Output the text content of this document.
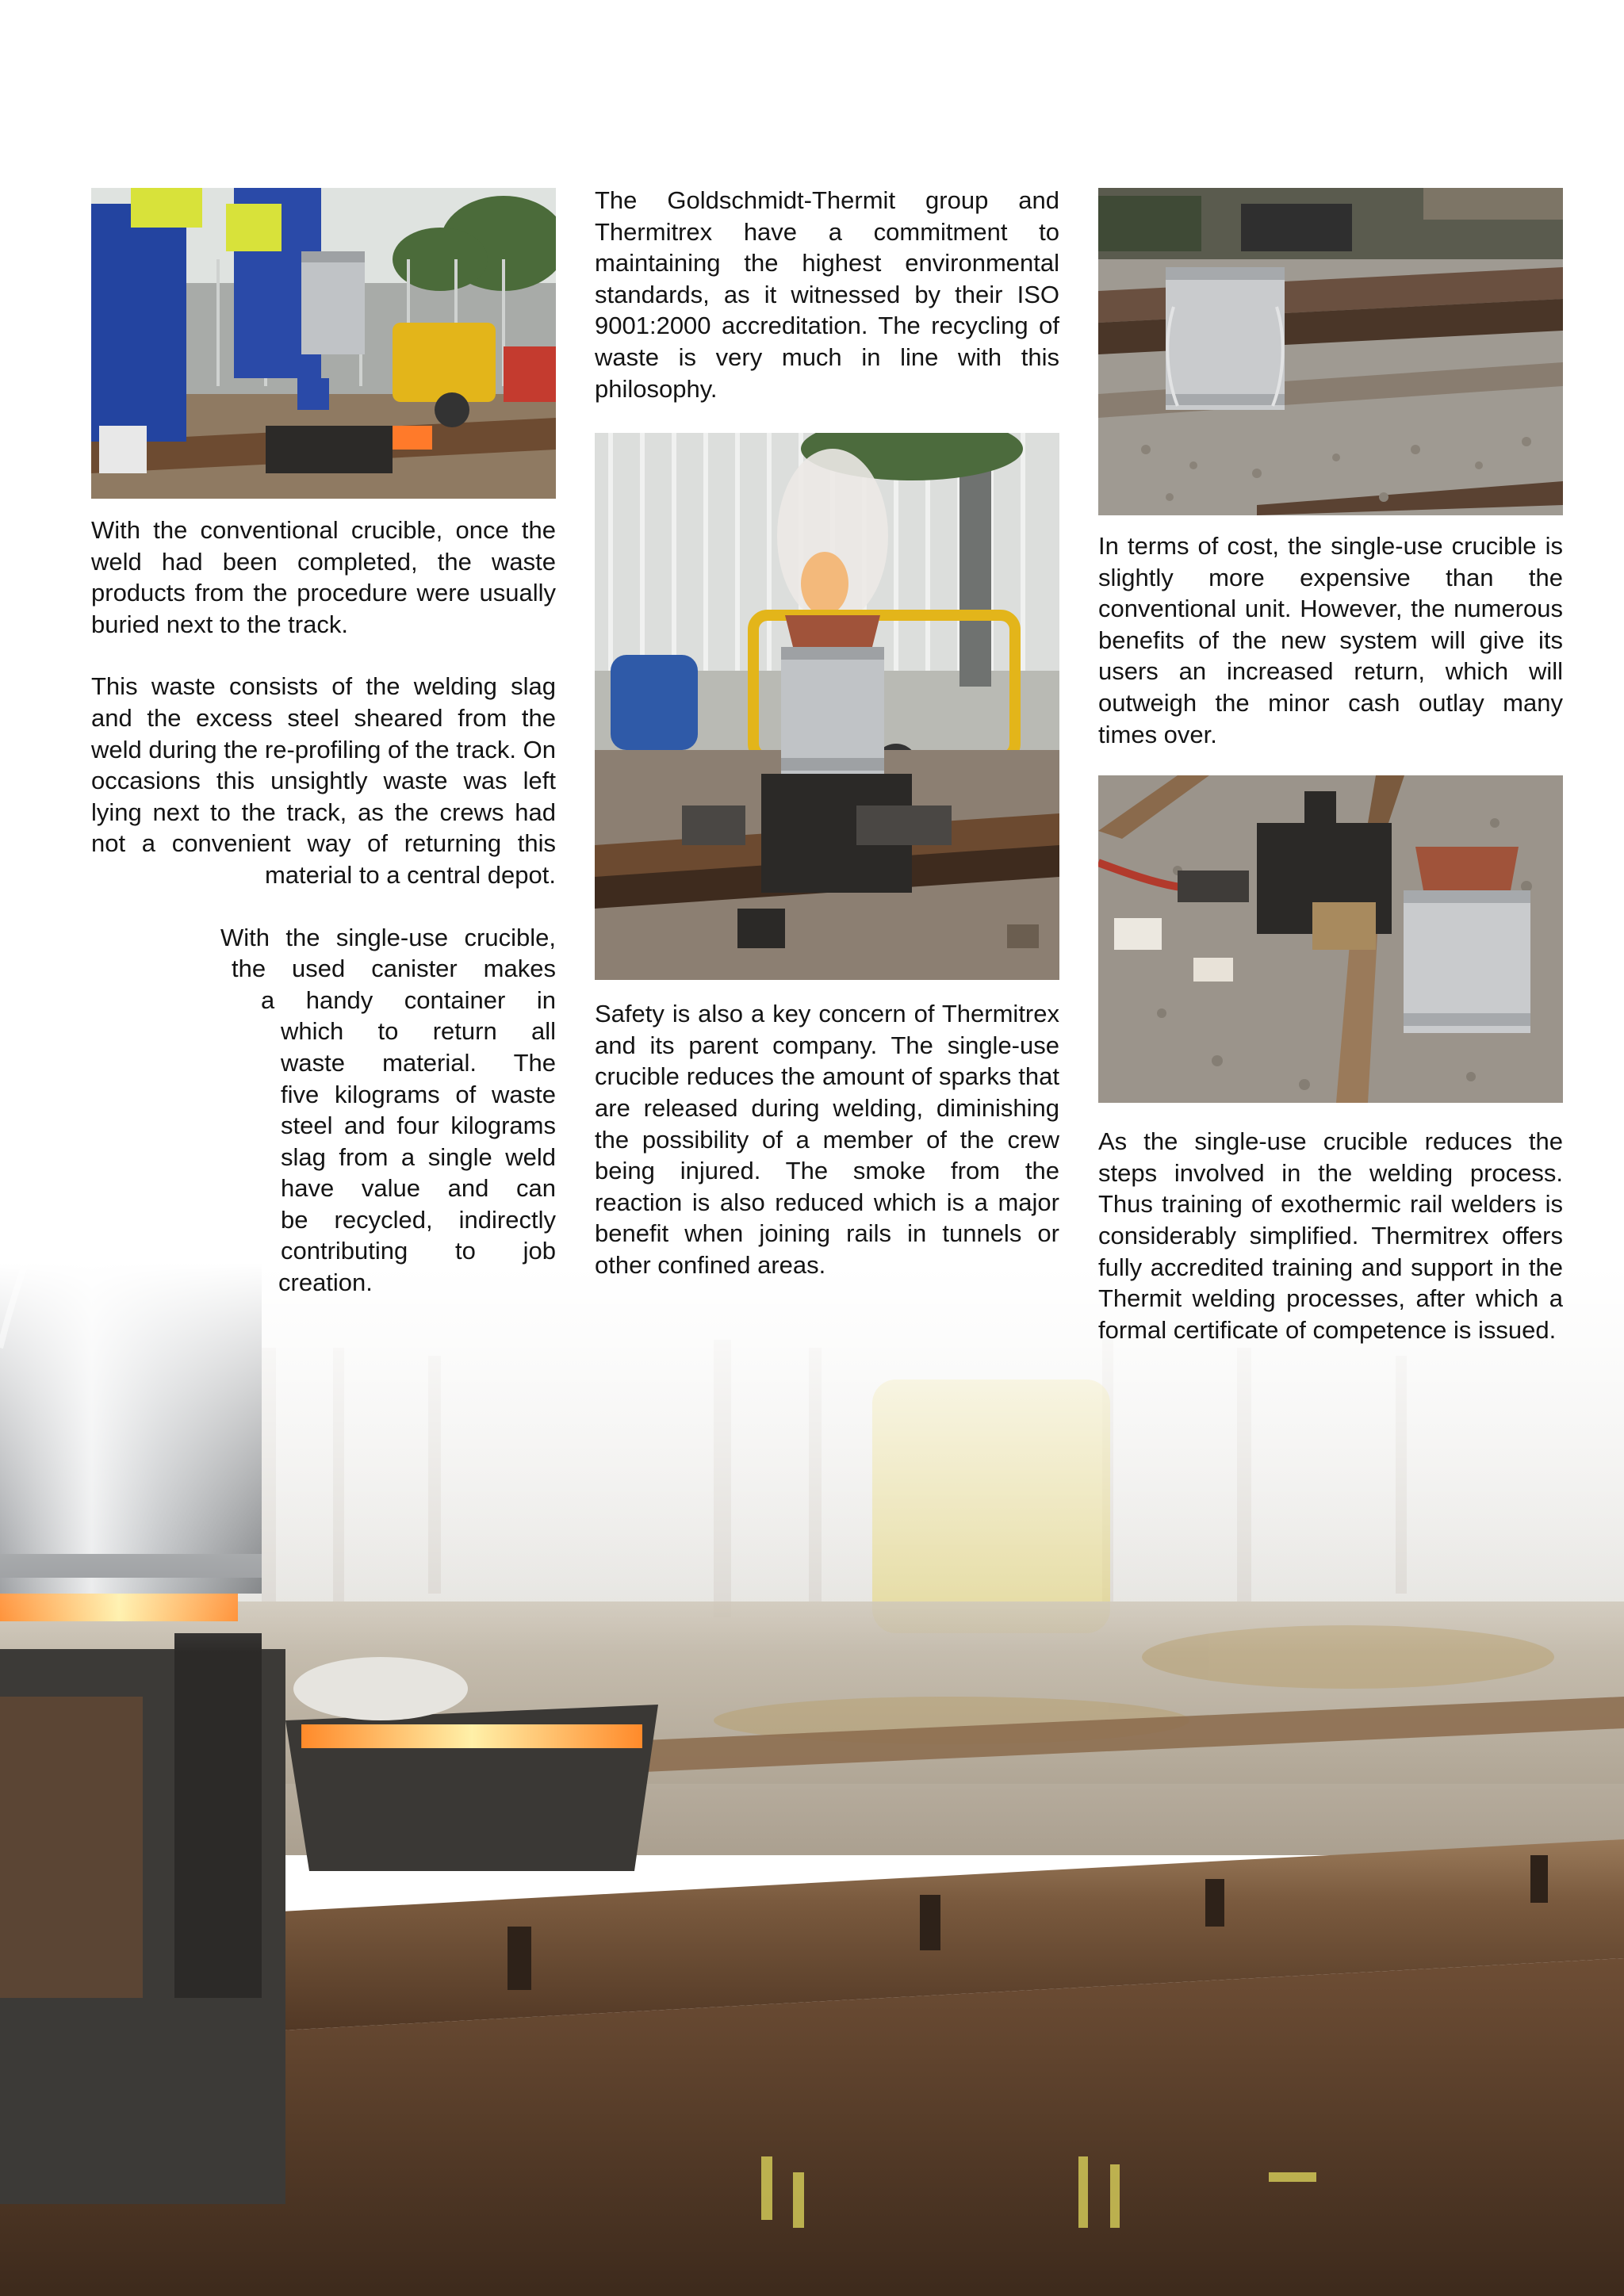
With the conventional crucible, once the weld had been completed, the waste products from the procedure were usually buried next to the track.

This waste consists of the welding slag and the excess steel sheared from the weld during the re-profiling of the track. On occasions this unsightly waste was left lying next to the track, as the crews had not a convenient way of returning this material to a central depot.

With the single-use crucible,
the used canister makes
a handy container in
which to return all
waste material. The
five kilograms of waste
steel and four kilograms
slag from a single weld
have value and can
be recycled, indirectly
contributing to job
creation.

The Goldschmidt-Thermit group and Thermitrex have a commitment to maintaining the highest environmental standards, as it witnessed by their ISO 9001:2000 accreditation. The recycling of waste is very much in line with this philosophy.

Safety is also a key concern of Thermitrex and its parent company. The single-use crucible reduces the amount of sparks that are released during welding, diminishing the possibility of a member of the crew being injured. The smoke from the reaction is also reduced which is a major benefit when joining rails in tunnels or other confined areas.

In terms of cost, the single-use crucible is slightly more expensive than the conventional unit. However, the numerous benefits of the new system will give its users an increased return, which will outweigh the minor cash outlay many times over.

As the single-use crucible reduces the steps involved in the welding process. Thus training of exothermic rail welders is considerably simplified. Thermitrex offers fully accredited training and support in the Thermit welding processes, after which a formal certificate of competence is issued.
